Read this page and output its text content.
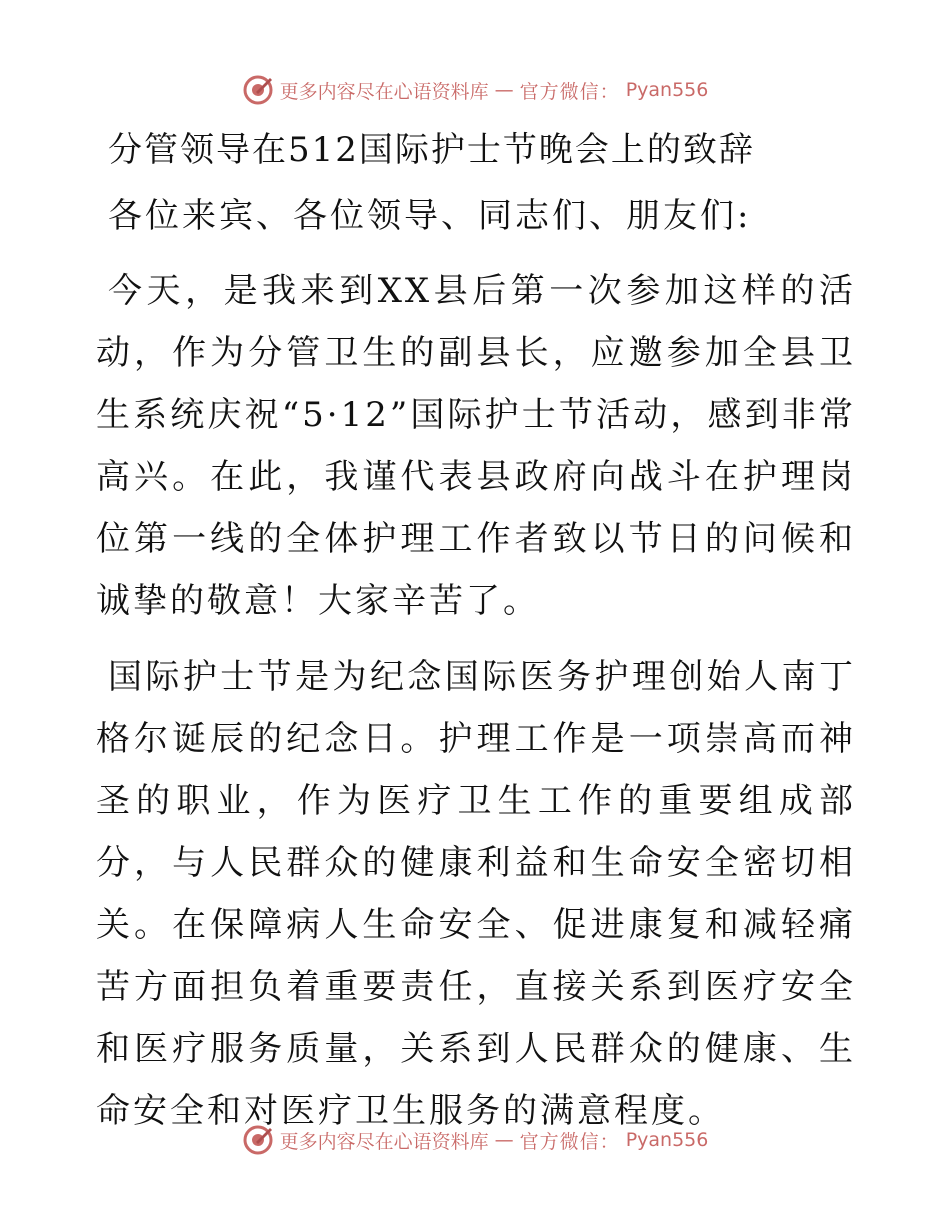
更多内容尽在心语资料库 — 官方微信： Pyan556
分管领导在512国际护士节晚会上的致辞
各位来宾、各位领导、同志们、朋友们:

今天，是我来到XX县后第一次参加这样的活动，作为分管卫生的副县长，应邀参加全县卫生系统庆祝“5·12”国际护士节活动，感到非常高兴。在此，我谨代表县政府向战斗在护理岗位第一线的全体护理工作者致以节日的问候和诚挚的敬意！大家辛苦了。

国际护士节是为纪念国际医务护理创始人南丁格尔诞辰的纪念日。护理工作是一项崇高而神圣的职业，作为医疗卫生工作的重要组成部分，与人民群众的健康利益和生命安全密切相关。在保障病人生命安全、促进康复和减轻痛苦方面担负着重要责任，直接关系到医疗安全和医疗服务质量，关系到人民群众的健康、生命安全和对医疗卫生服务的满意程度。

更多内容尽在心语资料库 — 官方微信： Pyan556
